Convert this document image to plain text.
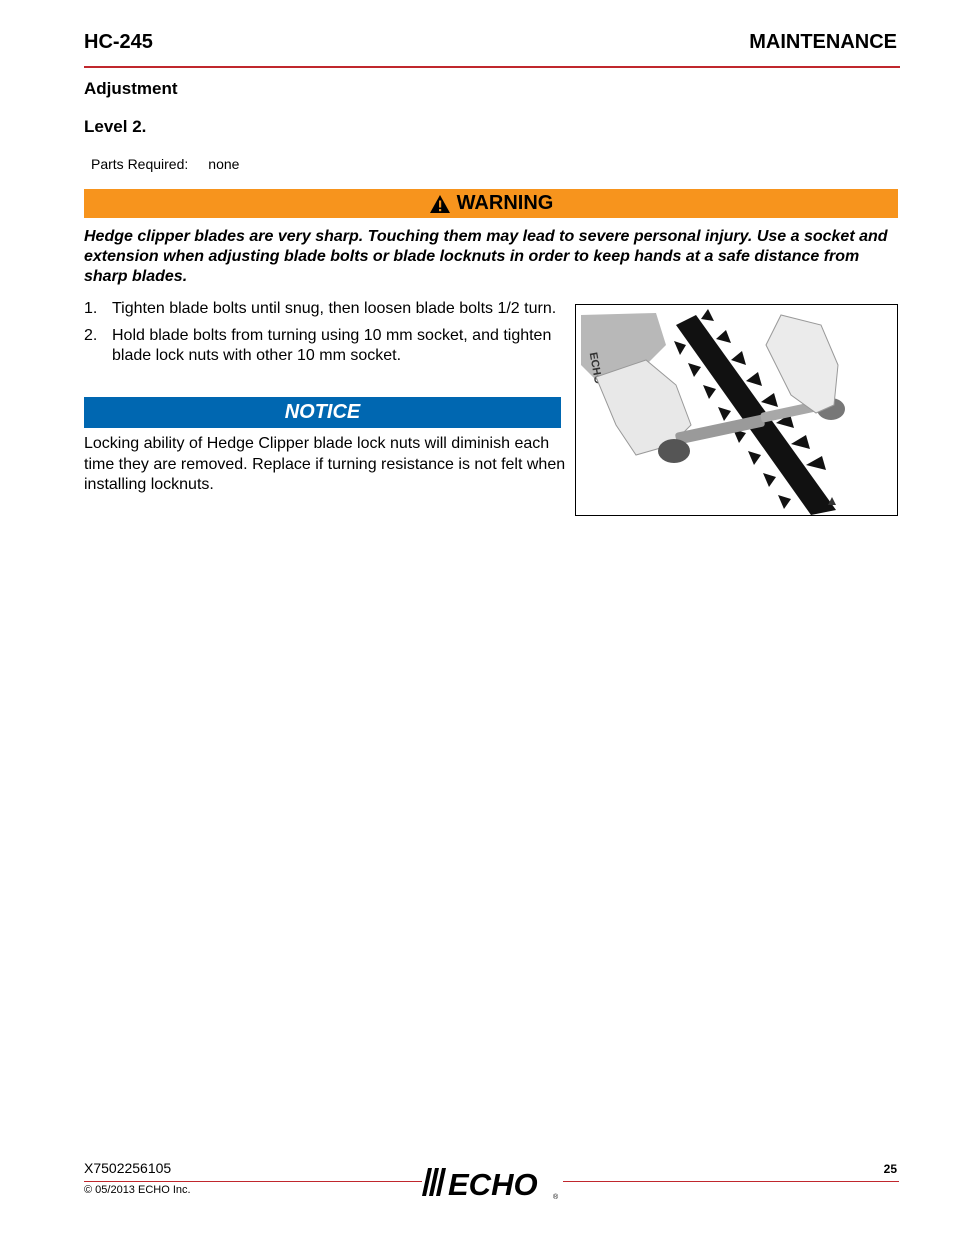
HC-245	MAINTENANCE
Adjustment
Level 2.
Parts Required: none
WARNING
Hedge clipper blades are very sharp. Touching them may lead to severe personal injury. Use a socket and extension when adjusting blade bolts or blade locknuts in order to keep hands at a safe distance from sharp blades.
1. Tighten blade bolts until snug, then loosen blade bolts 1/2 turn.
2. Hold blade bolts from turning using 10 mm socket, and tighten blade lock nuts with other 10 mm socket.
NOTICE
Locking ability of Hedge Clipper blade lock nuts will diminish each time they are removed. Replace if turning resistance is not felt when installing locknuts.
ECHO
X7502256105
© 05/2013 ECHO Inc.
25
ECHO ®
